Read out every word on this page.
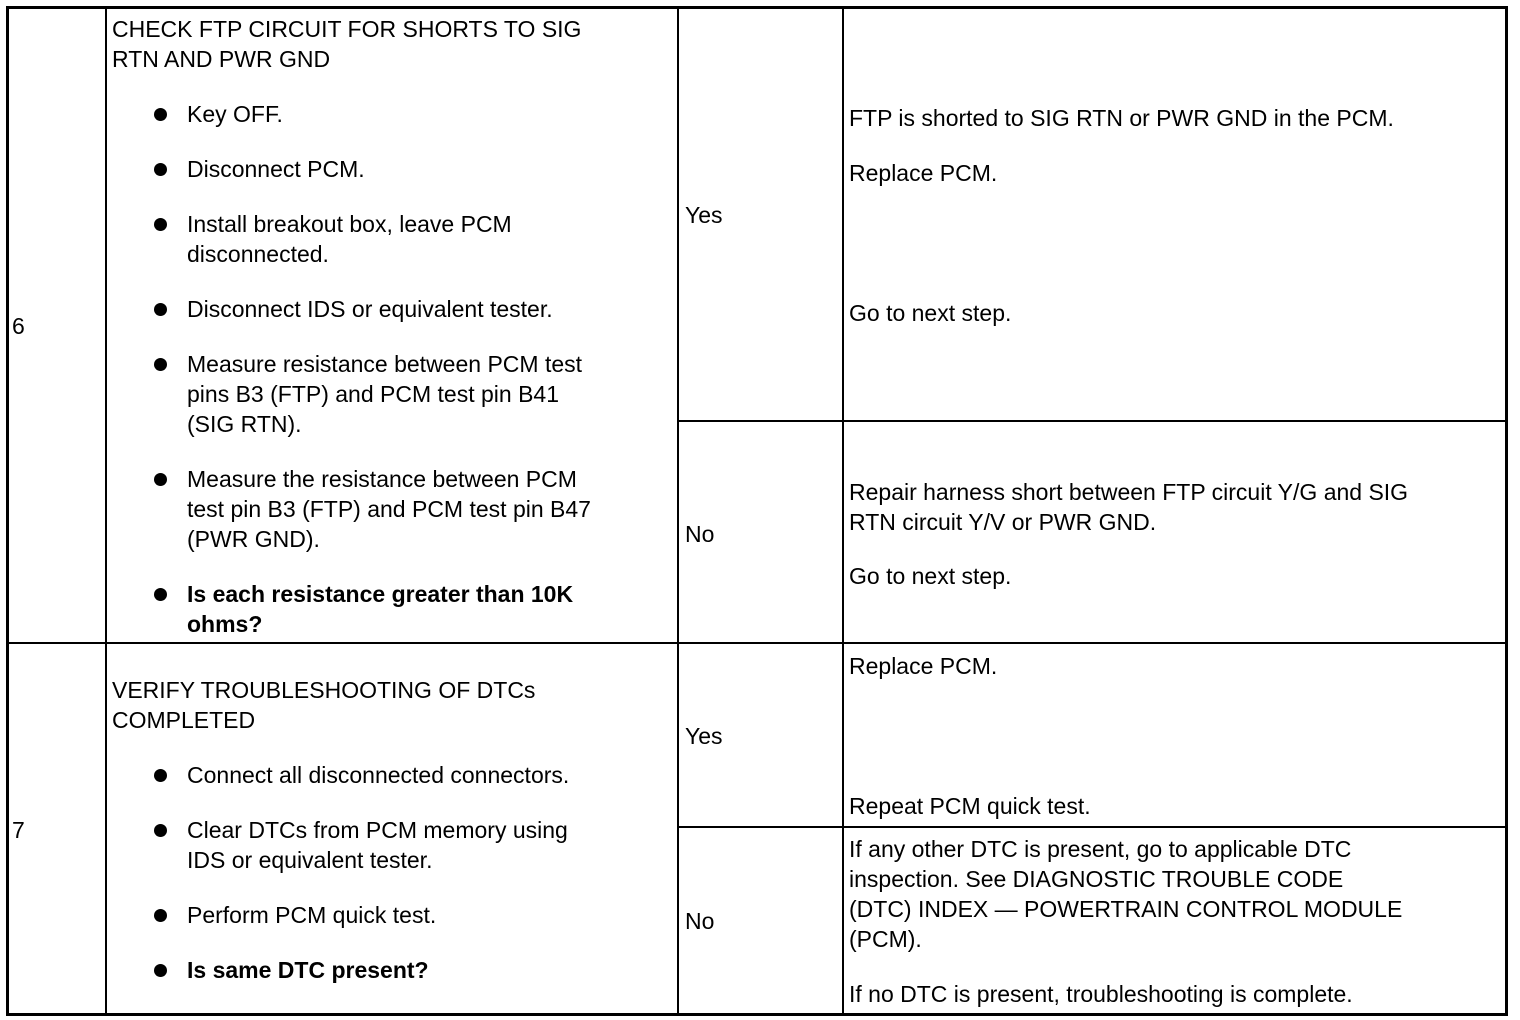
6
CHECK FTP CIRCUIT FOR SHORTS TO SIG
RTN AND PWR GND
Key OFF.
Disconnect PCM.
Install breakout box, leave PCM
disconnected.
Disconnect IDS or equivalent tester.
Measure resistance between PCM test
pins B3 (FTP) and PCM test pin B41
(SIG RTN).
Measure the resistance between PCM
test pin B3 (FTP) and PCM test pin B47
(PWR GND).
Is each resistance greater than 10K
ohms?
Yes
FTP is shorted to SIG RTN or PWR GND in the PCM.
Replace PCM.
Go to next step.
No
Repair harness short between FTP circuit Y/G and SIG
RTN circuit Y/V or PWR GND.
Go to next step.
7
VERIFY TROUBLESHOOTING OF DTCs
COMPLETED
Connect all disconnected connectors.
Clear DTCs from PCM memory using
IDS or equivalent tester.
Perform PCM quick test.
Is same DTC present?
Yes
Replace PCM.
Repeat PCM quick test.
No
If any other DTC is present, go to applicable DTC
inspection. See DIAGNOSTIC TROUBLE CODE
(DTC) INDEX — POWERTRAIN CONTROL MODULE
(PCM).
If no DTC is present, troubleshooting is complete.
